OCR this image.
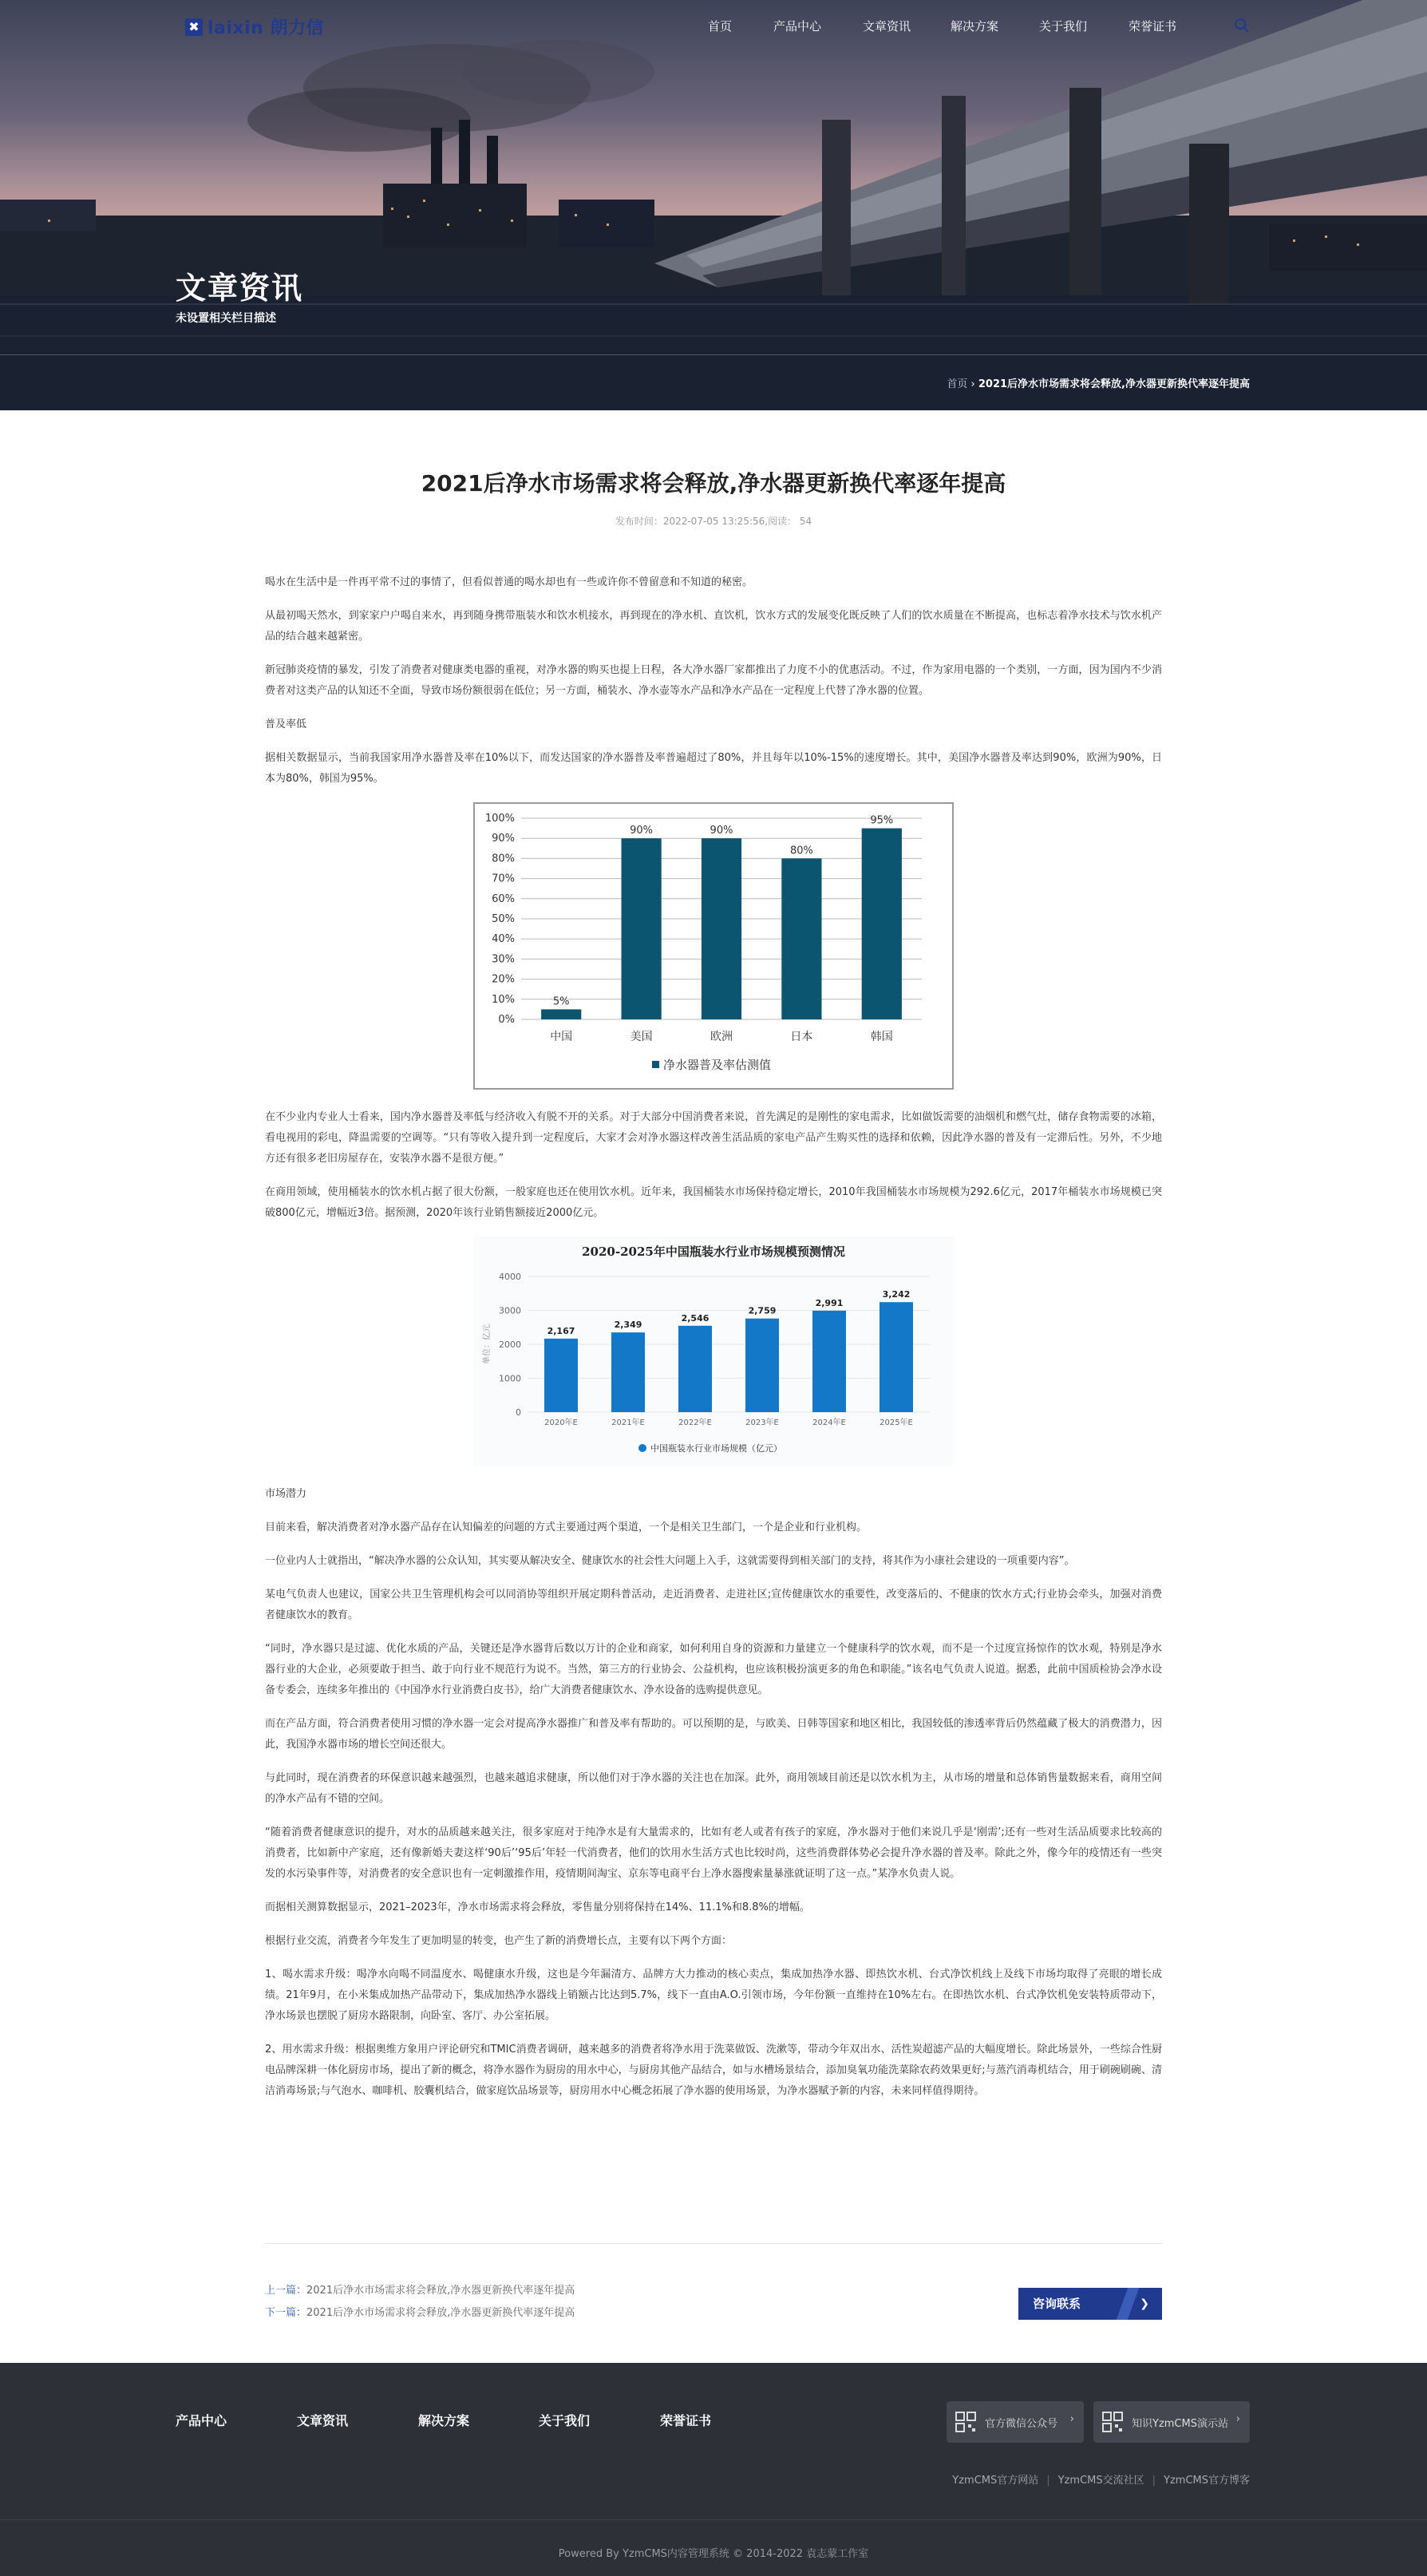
✖ laixin 朗力信	首页	产品中心	文章资讯	解决方案	关于我们	荣誉证书
文章资讯
未设置相关栏目描述
首页 › 2021后净水市场需求将会释放,净水器更新换代率逐年提高
2021后净水市场需求将会释放,净水器更新换代率逐年提高
发布时间：2022-07-05 13:25:56,阅读： 54

喝水在生活中是一件再平常不过的事情了，但看似普通的喝水却也有一些或许你不曾留意和不知道的秘密。

从最初喝天然水，到家家户户喝自来水，再到随身携带瓶装水和饮水机接水，再到现在的净水机、直饮机，饮水方式的发展变化既反映了人们的饮水质量在不断提高，也标志着净水技术与饮水机产品的结合越来越紧密。

新冠肺炎疫情的暴发，引发了消费者对健康类电器的重视，对净水器的购买也提上日程，各大净水器厂家都推出了力度不小的优惠活动。不过，作为家用电器的一个类别，一方面，因为国内不少消费者对这类产品的认知还不全面，导致市场份额很弱在低位；另一方面，桶装水、净水壶等水产品和净水产品在一定程度上代替了净水器的位置。

普及率低

据相关数据显示，当前我国家用净水器普及率在10%以下，而发达国家的净水器普及率普遍超过了80%，并且每年以10%-15%的速度增长。其中，美国净水器普及率达到90%，欧洲为90%，日本为80%，韩国为95%。

0%
10%
20%
30%
40%
50%
60%
70%
80%
90%
100%
5%
中国
90%
美国
90%
欧洲
80%
日本
95%
韩国
净水器普及率估测值

在不少业内专业人士看来，国内净水器普及率低与经济收入有脱不开的关系。对于大部分中国消费者来说，首先满足的是刚性的家电需求，比如做饭需要的油烟机和燃气灶，储存食物需要的冰箱，看电视用的彩电，降温需要的空调等。“只有等收入提升到一定程度后，大家才会对净水器这样改善生活品质的家电产品产生购买性的选择和依赖，因此净水器的普及有一定滞后性。另外，不少地方还有很多老旧房屋存在，安装净水器不是很方便。”

在商用领域，使用桶装水的饮水机占据了很大份额，一般家庭也还在使用饮水机。近年来，我国桶装水市场保持稳定增长，2010年我国桶装水市场规模为292.6亿元，2017年桶装水市场规模已突破800亿元，增幅近3倍。据预测，2020年该行业销售额接近2000亿元。

2020-2025年中国瓶装水行业市场规模预测情况
0
1000
2000
3000
4000
单位：亿元	2,167
2020年E
2,349
2021年E
2,546
2022年E
2,759
2023年E
2,991
2024年E
3,242
2025年E
中国瓶装水行业市场规模（亿元）

市场潜力

目前来看，解决消费者对净水器产品存在认知偏差的问题的方式主要通过两个渠道，一个是相关卫生部门，一个是企业和行业机构。

一位业内人士就指出，“解决净水器的公众认知，其实要从解决安全、健康饮水的社会性大问题上入手，这就需要得到相关部门的支持，将其作为小康社会建设的一项重要内容”。

某电气负责人也建议，国家公共卫生管理机构会可以同消协等组织开展定期科普活动，走近消费者、走进社区;宣传健康饮水的重要性，改变落后的、不健康的饮水方式;行业协会牵头，加强对消费者健康饮水的教育。

“同时，净水器只是过滤、优化水质的产品，关键还是净水器背后数以万计的企业和商家，如何利用自身的资源和力量建立一个健康科学的饮水观，而不是一个过度宣扬惊作的饮水观，特别是净水器行业的大企业，必须要敢于担当、敢于向行业不规范行为说不。当然，第三方的行业协会、公益机构，也应该积极扮演更多的角色和职能。”该名电气负责人说道。据悉，此前中国质检协会净水设备专委会，连续多年推出的《中国净水行业消费白皮书》，给广大消费者健康饮水、净水设备的选购提供意见。

而在产品方面，符合消费者使用习惯的净水器一定会对提高净水器推广和普及率有帮助的。可以预期的是，与欧美、日韩等国家和地区相比，我国较低的渗透率背后仍然蕴藏了极大的消费潜力，因此，我国净水器市场的增长空间还很大。

与此同时，现在消费者的环保意识越来越强烈，也越来越追求健康，所以他们对于净水器的关注也在加深。此外，商用领域目前还是以饮水机为主，从市场的增量和总体销售量数据来看，商用空间的净水产品有不错的空间。

“随着消费者健康意识的提升，对水的品质越来越关注，很多家庭对于纯净水是有大量需求的，比如有老人或者有孩子的家庭，净水器对于他们来说几乎是‘刚需’;还有一些对生活品质要求比较高的消费者，比如新中产家庭，还有像新婚夫妻这样‘90后’‘95后’年轻一代消费者，他们的饮用水生活方式也比较时尚，这些消费群体势必会提升净水器的普及率。除此之外，像今年的疫情还有一些突发的水污染事件等，对消费者的安全意识也有一定刺激推作用，疫情期间淘宝、京东等电商平台上净水器搜索量暴涨就证明了这一点。”某净水负责人说。

而据相关测算数据显示，2021–2023年，净水市场需求将会释放，零售量分别将保持在14%、11.1%和8.8%的增幅。

根据行业交流，消费者今年发生了更加明显的转变，也产生了新的消费增长点，主要有以下两个方面：

1、喝水需求升级：喝净水向喝不同温度水、喝健康水升级，这也是今年漏清方、品牌方大力推动的核心卖点，集成加热净水器、即热饮水机、台式净饮机线上及线下市场均取得了亮眼的增长成绩。21年9月，在小米集成加热产品带动下，集成加热净水器线上销额占比达到5.7%，线下一直由A.O.引领市场，今年份额一直维持在10%左右。在即热饮水机、台式净饮机免安装特质带动下，净水场景也摆脱了厨房水路限制，向卧室、客厅、办公室拓展。

2、用水需求升级：根据奥维方象用户评论研究和TMIC消费者调研，越来越多的消费者将净水用于洗菜做饭、洗漱等，带动今年双出水、活性炭超滤产品的大幅度增长。除此场景外，一些综合性厨电品牌深耕一体化厨房市场，提出了新的概念，将净水器作为厨房的用水中心，与厨房其他产品结合，如与水槽场景结合，添加臭氧功能洗菜除农药效果更好;与蒸汽消毒机结合，用于刷碗刷碗、清洁消毒场景;与气泡水、咖啡机、胶囊机结合，做家庭饮品场景等，厨房用水中心概念拓展了净水器的使用场景，为净水器赋予新的内容，未来同样值得期待。

上一篇：2021后净水市场需求将会释放,净水器更新换代率逐年提高
下一篇：2021后净水市场需求将会释放,净水器更新换代率逐年提高
咨询联系	❯
产品中心	文章资讯	解决方案	关于我们	荣誉证书	官方微信公众号 ›	知识YzmCMS演示站 ›
YzmCMS官方网站 | YzmCMS交流社区 | YzmCMS官方博客
Powered By YzmCMS内容管理系统 © 2014-2022 袁志蒙工作室
